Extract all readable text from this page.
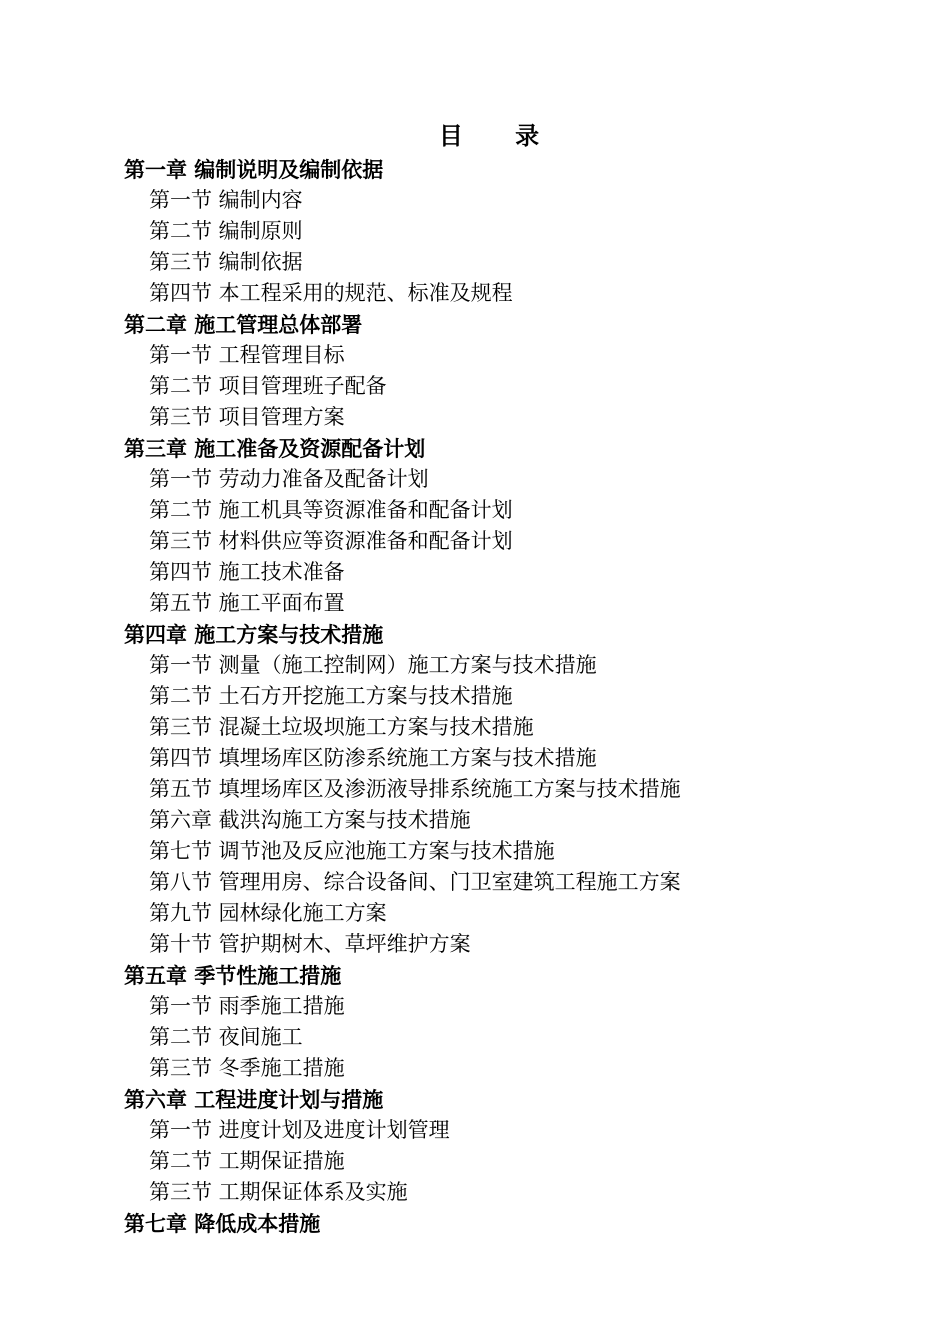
目 录
第一章 编制说明及编制依据
第一节 编制内容
第二节 编制原则
第三节 编制依据
第四节 本工程采用的规范、标准及规程
第二章 施工管理总体部署
第一节 工程管理目标
第二节 项目管理班子配备
第三节 项目管理方案
第三章 施工准备及资源配备计划
第一节 劳动力准备及配备计划
第二节 施工机具等资源准备和配备计划
第三节 材料供应等资源准备和配备计划
第四节 施工技术准备
第五节 施工平面布置
第四章 施工方案与技术措施
第一节 测量（施工控制网）施工方案与技术措施
第二节 土石方开挖施工方案与技术措施
第三节 混凝土垃圾坝施工方案与技术措施
第四节 填埋场库区防渗系统施工方案与技术措施
第五节 填埋场库区及渗沥液导排系统施工方案与技术措施
第六章 截洪沟施工方案与技术措施
第七节 调节池及反应池施工方案与技术措施
第八节 管理用房、综合设备间、门卫室建筑工程施工方案
第九节 园林绿化施工方案
第十节 管护期树木、草坪维护方案
第五章 季节性施工措施
第一节 雨季施工措施
第二节 夜间施工
第三节 冬季施工措施
第六章 工程进度计划与措施
第一节 进度计划及进度计划管理
第二节 工期保证措施
第三节 工期保证体系及实施
第七章 降低成本措施
